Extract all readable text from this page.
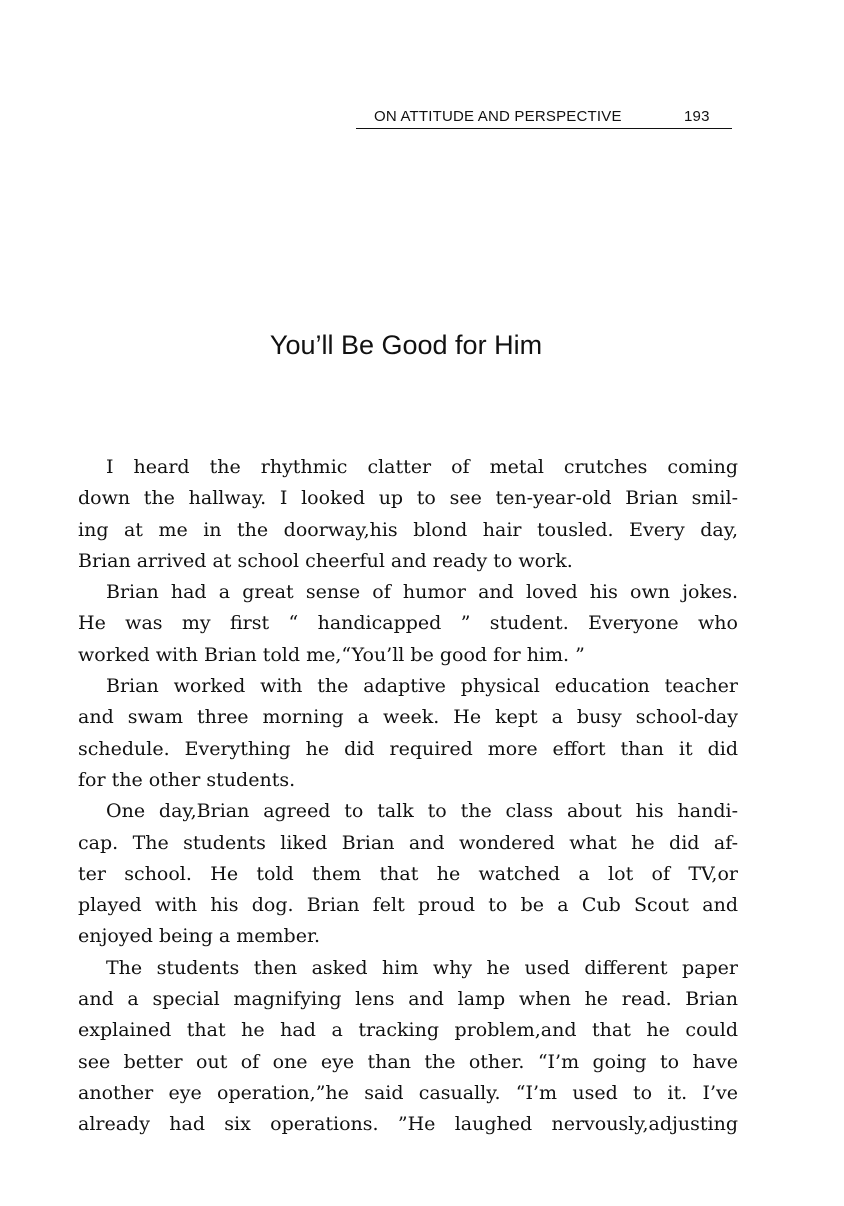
ON ATTITUDE AND PERSPECTIVE	193
You’ll Be Good for Him

I heard the rhythmic clatter of metal crutches coming
down the hallway. I looked up to see ten-year-old Brian smil-
ing at me in the doorway,his blond hair tousled. Every day,
Brian arrived at school cheerful and ready to work.

Brian had a great sense of humor and loved his own jokes.
He was my first “ handicapped ” student. Everyone who
worked with Brian told me,“You’ll be good for him. ”

Brian worked with the adaptive physical education teacher
and swam three morning a week. He kept a busy school-day
schedule. Everything he did required more effort than it did
for the other students.

One day,Brian agreed to talk to the class about his handi-
cap. The students liked Brian and wondered what he did af-
ter school. He told them that he watched a lot of TV,or
played with his dog. Brian felt proud to be a Cub Scout and
enjoyed being a member.

The students then asked him why he used different paper
and a special magnifying lens and lamp when he read. Brian
explained that he had a tracking problem,and that he could
see better out of one eye than the other. “I’m going to have
another eye operation,”he said casually. “I’m used to it. I’ve
already had six operations. ”He laughed nervously,adjusting
